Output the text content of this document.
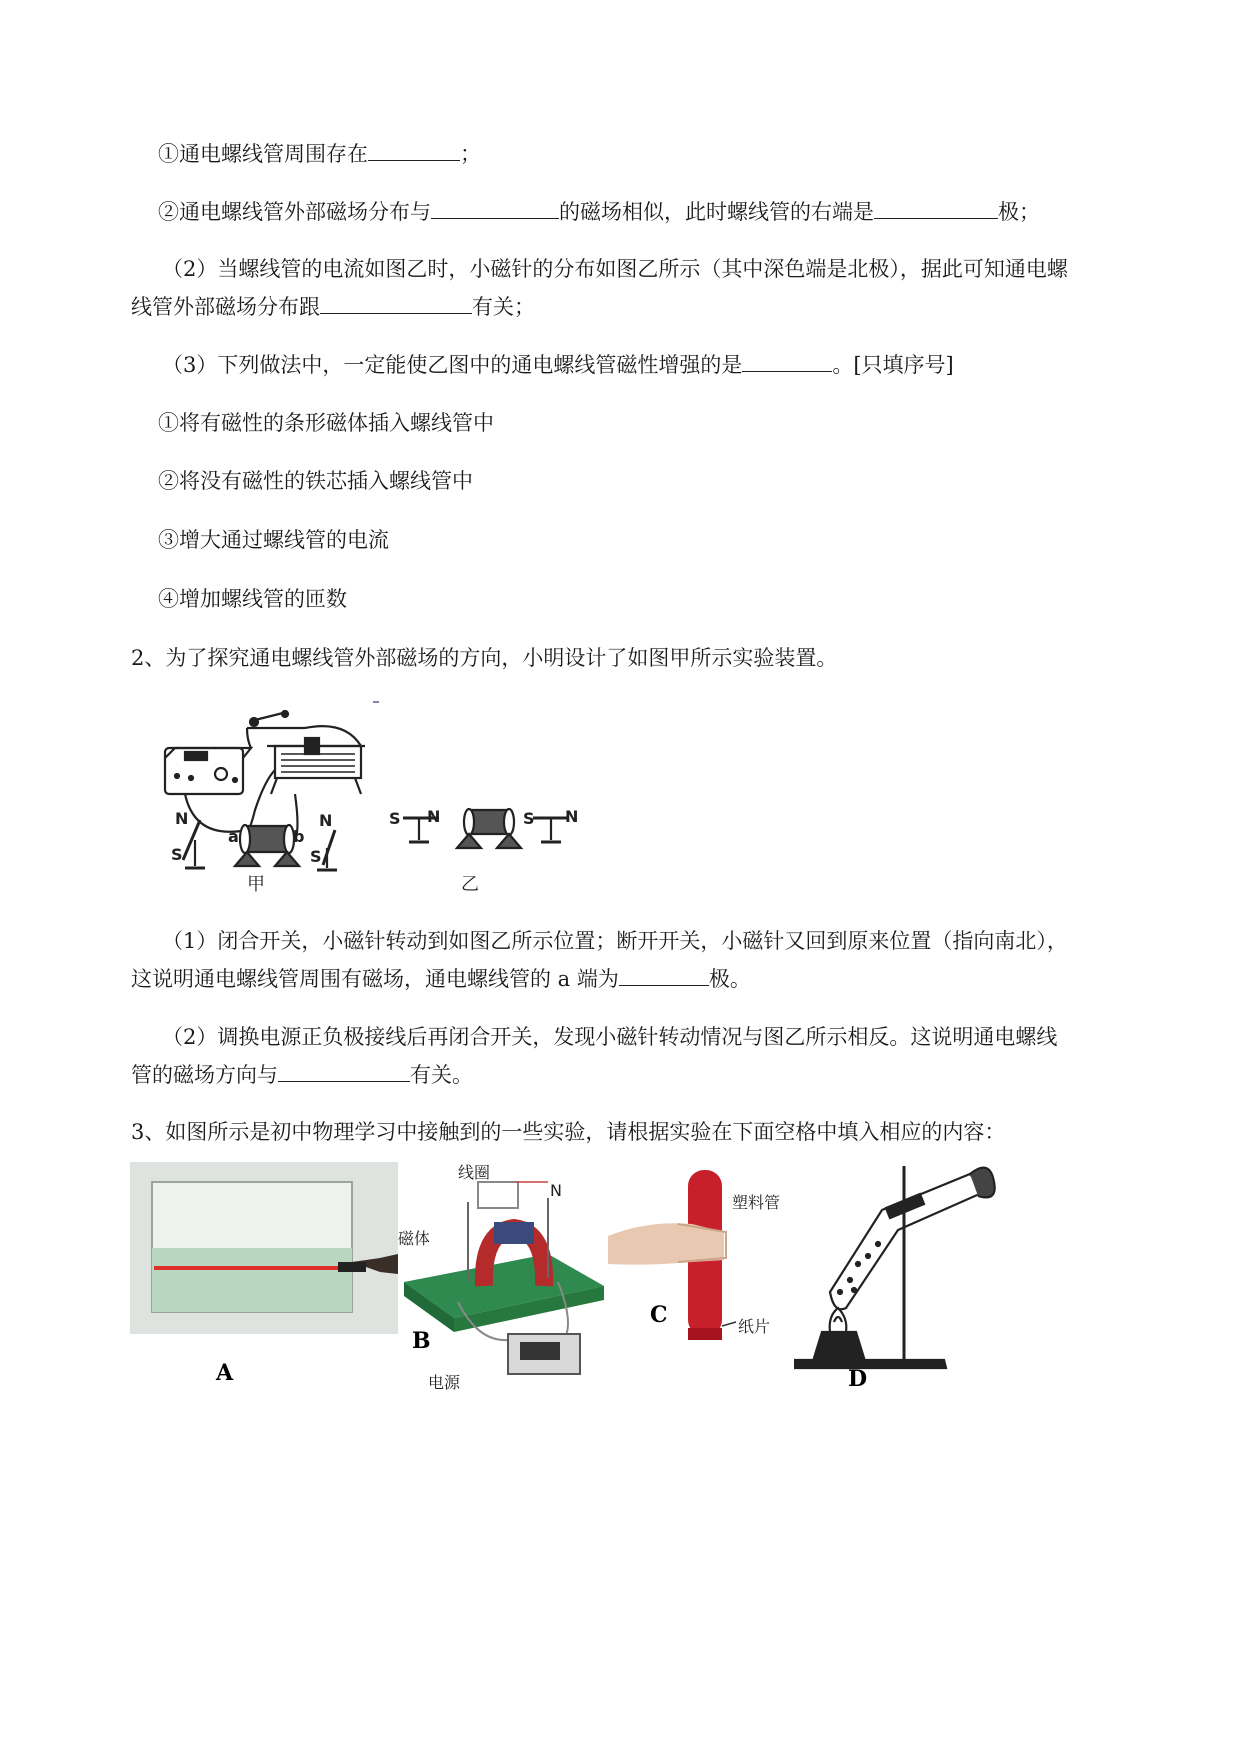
①通电螺线管周围存在	；
②通电螺线管外部磁场分布与	的磁场相似，此时螺线管的右端是	极；
（2）当螺线管的电流如图乙时，小磁针的分布如图乙所示（其中深色端是北极），据此可知通电螺
线管外部磁场分布跟	有关；
（3）下列做法中，一定能使乙图中的通电螺线管磁性增强的是	。[只填序号]
①将有磁性的条形磁体插入螺线管中
②将没有磁性的铁芯插入螺线管中
③增大通过螺线管的电流
④增加螺线管的匝数
2、为了探究通电螺线管外部磁场的方向，小明设计了如图甲所示实验装置。
S
N
a	b
S
N	S N	S N
甲	乙
（1）闭合开关，小磁针转动到如图乙所示位置；断开开关，小磁针又回到原来位置（指向南北），
这说明通电螺线管周围有磁场，通电螺线管的 a 端为	极。
（2）调换电源正负极接线后再闭合开关，发现小磁针转动情况与图乙所示相反。这说明通电螺线
管的磁场方向与	有关。
3、如图所示是初中物理学习中接触到的一些实验，请根据实验在下面空格中填入相应的内容：
A
线圈
磁体
电源
N
B
塑料管
纸片
C
D
